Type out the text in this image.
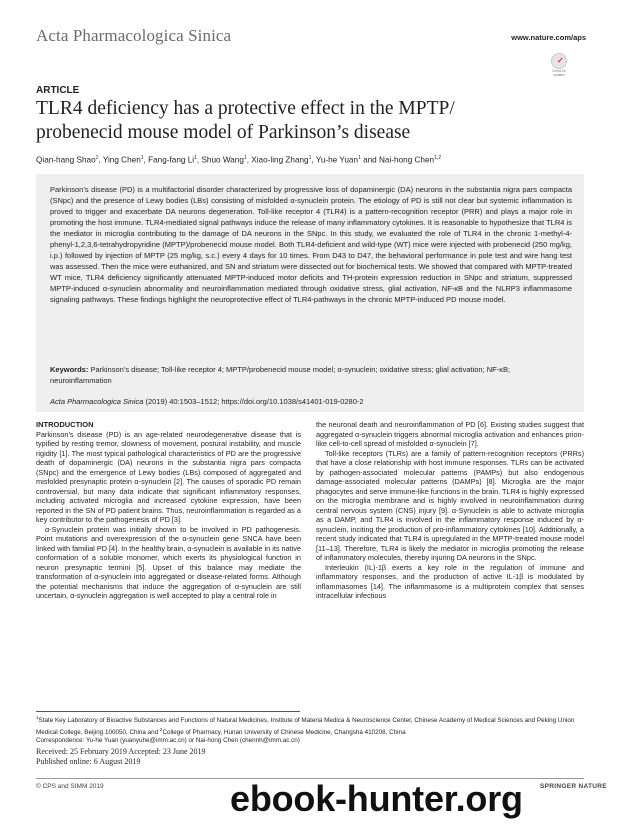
Acta Pharmacologica Sinica	www.nature.com/aps
✓
Check for updates
ARTICLE
TLR4 deficiency has a protective effect in the MPTP/
probenecid mouse model of Parkinson’s disease
Qian-hang Shao$^1$, Ying Chen$^1$, Fang-fang Li$^1$, Shuo Wang$^1$, Xiao-ling Zhang$^1$, Yu-he Yuan$^1$ and Nai-hong Chen$^{1,2}$
Parkinson’s disease (PD) is a multifactorial disorder characterized by progressive loss of dopaminergic (DA) neurons in the substantia nigra pars compacta (SNpc) and the presence of Lewy bodies (LBs) consisting of misfolded α-synuclein protein. The etiology of PD is still not clear but systemic inflammation is proved to trigger and exacerbate DA neurons degeneration. Toll-like receptor 4 (TLR4) is a pattern-recognition receptor (PRR) and plays a major role in promoting the host immune. TLR4-mediated signal pathways induce the release of many inflammatory cytokines. It is reasonable to hypothesize that TLR4 is the mediator in microglia contributing to the damage of DA neurons in the SNpc. In this study, we evaluated the role of TLR4 in the chronic 1-methyl-4-phenyl-1,2,3,6-tetrahydropyridine (MPTP)/probenecid mouse model. Both TLR4-deficient and wild-type (WT) mice were injected with probenecid (250 mg/kg, i.p.) followed by injection of MPTP (25 mg/kg, s.c.) every 4 days for 10 times. From D43 to D47, the behavioral performance in pole test and wire hang test was assessed. Then the mice were euthanized, and SN and striatum were dissected out for biochemical tests. We showed that compared with MPTP-treated WT mice, TLR4 deficiency significantly attenuated MPTP-induced motor deficits and TH-protein expression reduction in SNpc and striatum, suppressed MPTP-induced α-synuclein abnormality and neuroinflammation mediated through oxidative stress, glial activation, NF-κB and the NLRP3 inflammasome signaling pathways. These findings highlight the neuroprotective effect of TLR4-pathways in the chronic MPTP-induced PD mouse model.
Keywords: Parkinson’s disease; Toll-like receptor 4; MPTP/probenecid mouse model; α-synuclein; oxidative stress; glial activation; NF-κB; neuroinflammation
Acta Pharmacologica Sinica (2019) 40:1503–1512; https://doi.org/10.1038/s41401-019-0280-2
INTRODUCTION

Parkinson’s disease (PD) is an age-related neurodegenerative disease that is typified by resting tremor, slowness of movement, postural instability, and muscle rigidity [1]. The most typical pathological characteristics of PD are the progressive death of dopaminergic (DA) neurons in the substantia nigra pars compacta (SNpc) and the emergence of Lewy bodies (LBs) composed of aggregated and misfolded presynaptic protein α-synuclein [2]. The causes of sporadic PD remain controversial, but many data indicate that significant inflammatory responses, including activated microglia and increased cytokine expression, have been reported in the SN of PD patient brains. Thus, neuroinflammation is regarded as a key contributor to the pathogenesis of PD [3].

α-Synuclein protein was initially shown to be involved in PD pathogenesis. Point mutations and overexpression of the α-synuclein gene SNCA have been linked with familial PD [4]. In the healthy brain, α-synuclein is available in its native conformation of a soluble monomer, which exerts its physiological function in neuron presynaptic termini [5]. Upset of this balance may mediate the transformation of α-synuclein into aggregated or disease-related forms. Although the potential mechanisms that induce the aggregation of α-synuclein are still uncertain, α-synuclein aggregation is well accepted to play a central role in

the neuronal death and neuroinflammation of PD [6]. Existing studies suggest that aggregated α-synuclein triggers abnormal microglia activation and enhances prion-like cell-to-cell spread of misfolded α-synuclein [7].

Toll-like receptors (TLRs) are a family of pattern-recognition receptors (PRRs) that have a close relationship with host immune responses. TLRs can be activated by pathogen-associated molecular patterns (PAMPs) but also endogenous damage-associated molecular patterns (DAMPs) [8]. Microglia are the major phagocytes and serve immune-like functions in the brain. TLR4 is highly expressed on the microglia membrane and is highly involved in neuroinflammation during central nervous system (CNS) injury [9]. α-Synuclein is able to activate microglia as a DAMP, and TLR4 is involved in the inflammatory response induced by α-synuclein, inciting the production of pro-inflammatory cytokines [10]. Additionally, a recent study indicated that TLR4 is upregulated in the MPTP-treated mouse model [11–13]. Therefore, TLR4 is likely the mediator in microglia promoting the release of inflammatory molecules, thereby injuring DA neurons in the SNpc.

Interleukin (IL)-1β exerts a key role in the regulation of immune and inflammatory responses, and the production of active IL-1β is modulated by inflammasomes [14]. The inflammasome is a multiprotein complex that senses intracellular infectious

$^1$State Key Laboratory of Bioactive Substances and Functions of Natural Medicines, Institute of Materia Medica & Neuroscience Center, Chinese Academy of Medical Sciences and Peking Union Medical College, Beijing 100050, China and $^2$College of Pharmacy, Hunan University of Chinese Medicine, Changsha 410208, China
Correspondence: Yu-he Yuan (yuanyuhe@imm.ac.cn) or Nai-hong Chen (chennh@imm.ac.cn)
Received: 25 February 2019 Accepted: 23 June 2019
Published online: 6 August 2019
© CPS and SIMM 2019	SPRINGER NATURE
ebook-hunter.org
